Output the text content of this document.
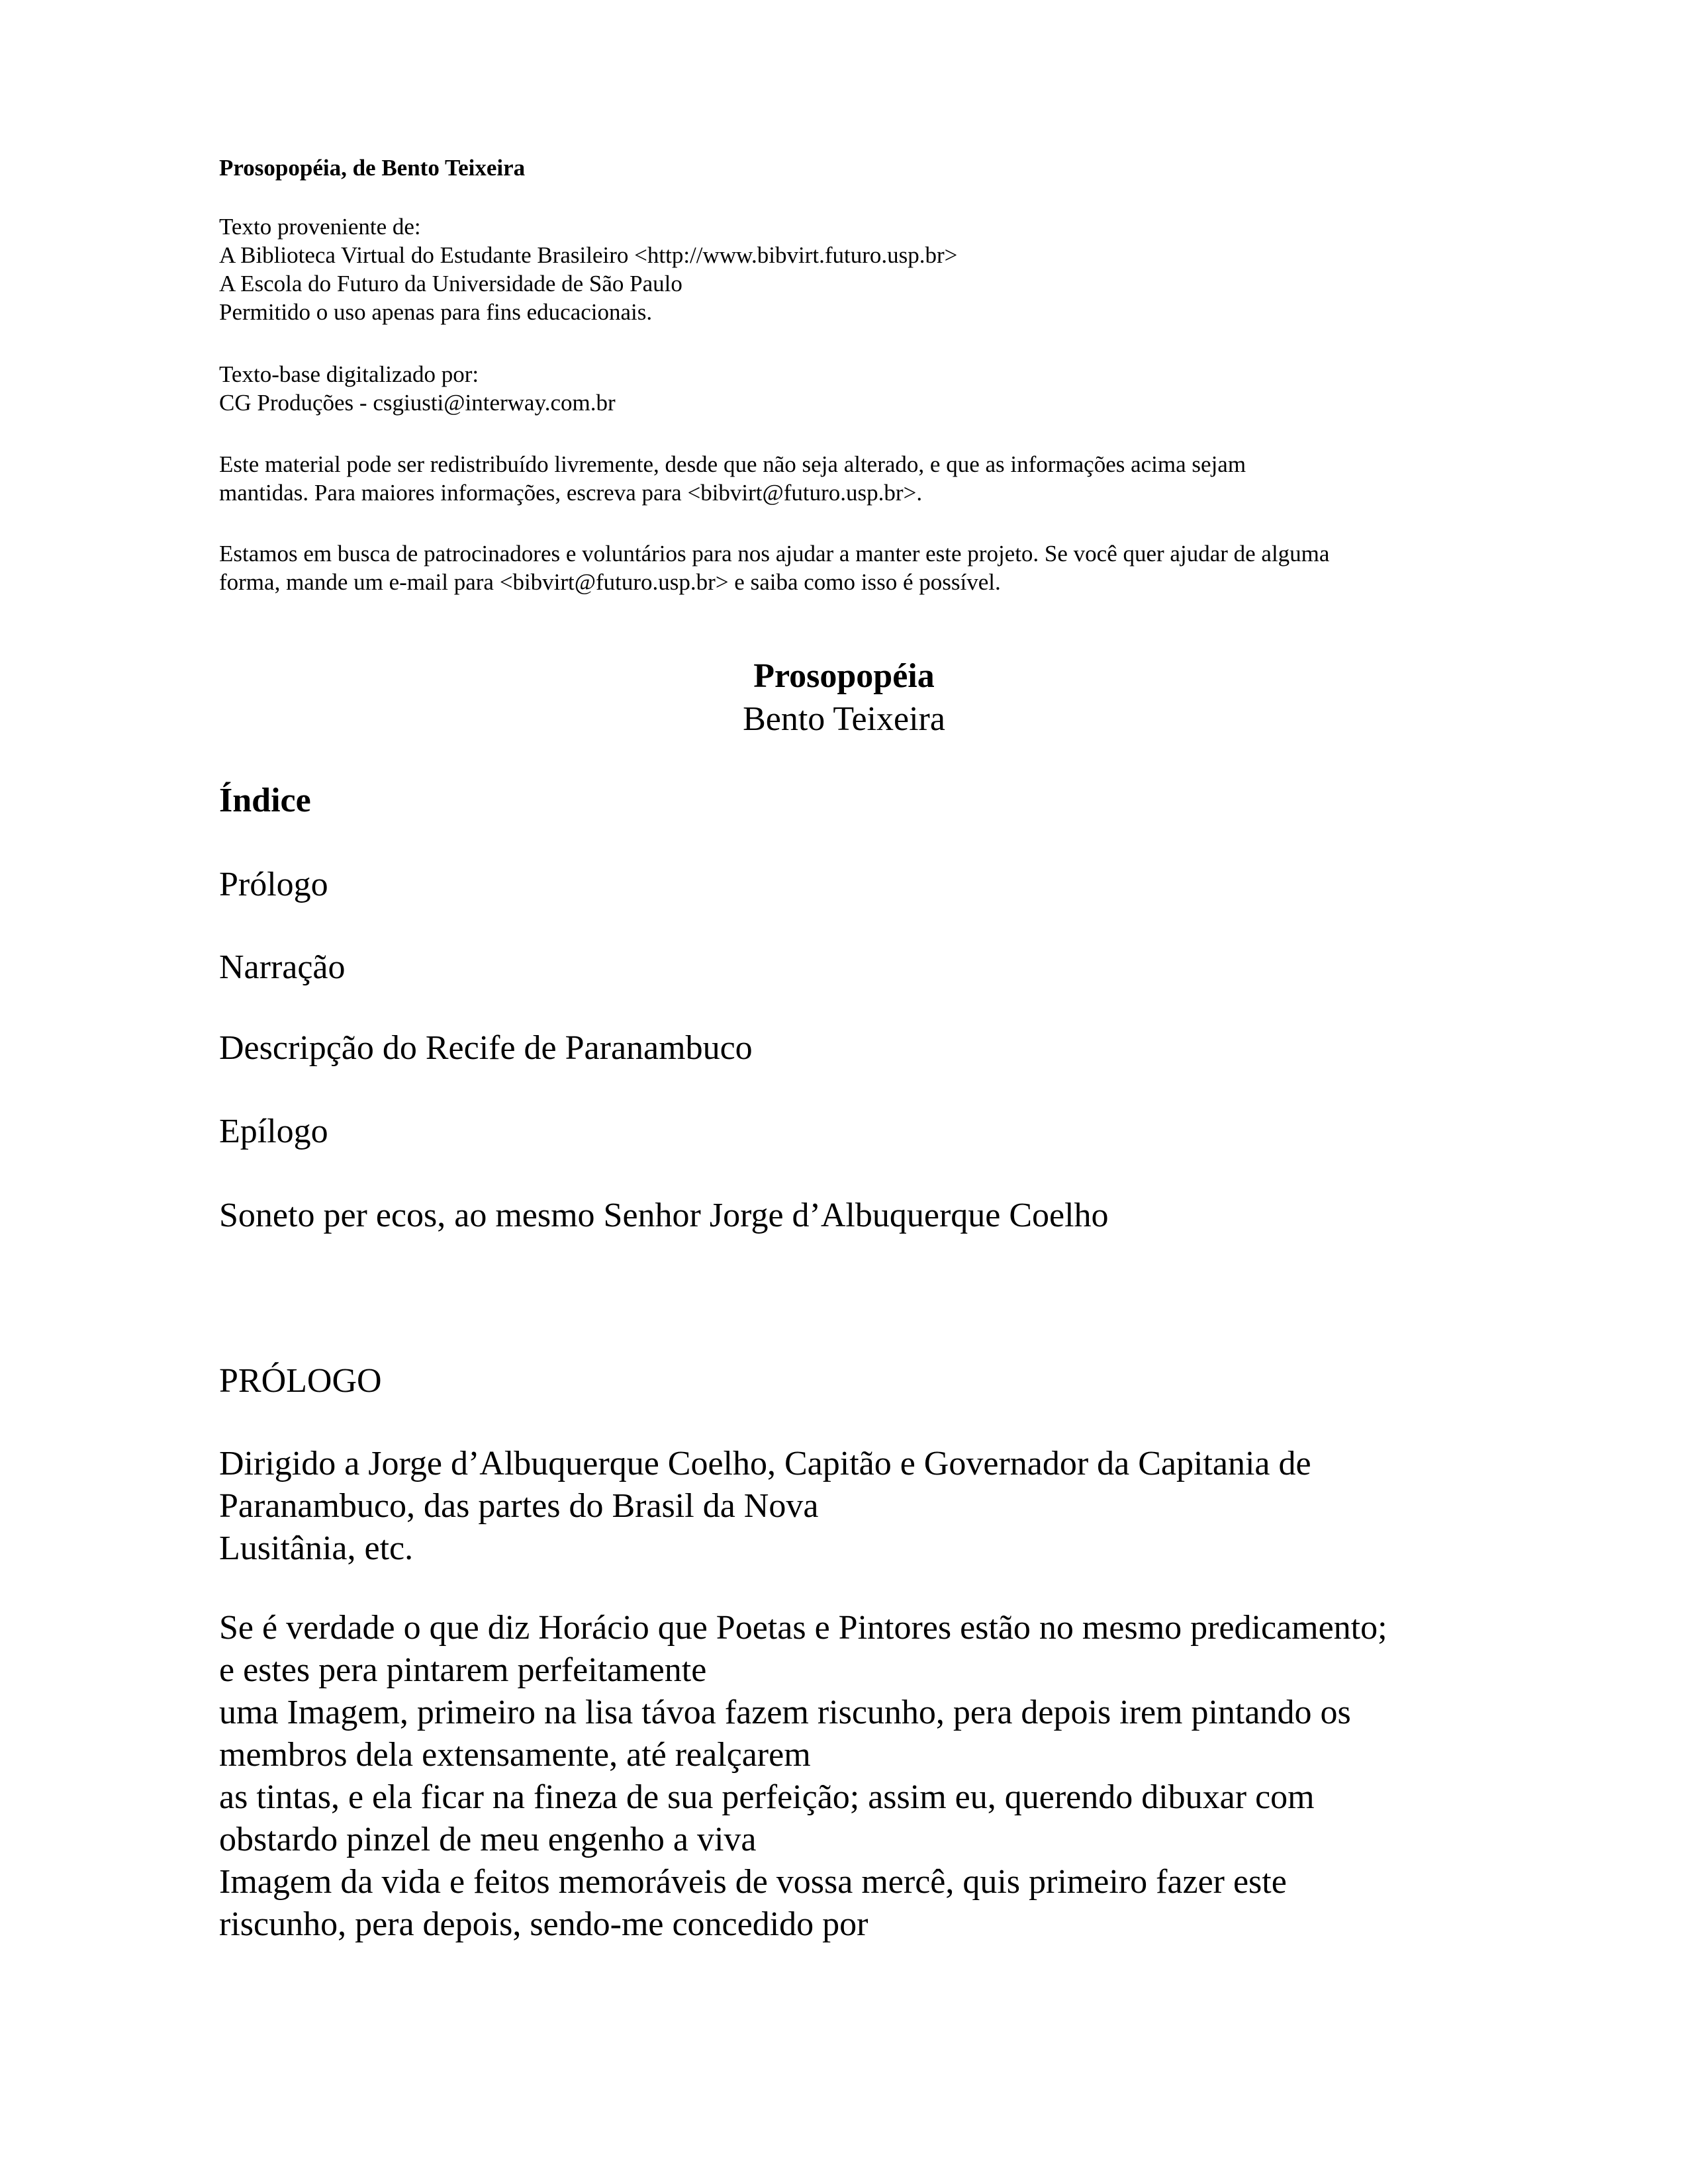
Prosopopéia, de Bento Teixeira

Texto proveniente de:
A Biblioteca Virtual do Estudante Brasileiro <http://www.bibvirt.futuro.usp.br>
A Escola do Futuro da Universidade de São Paulo
Permitido o uso apenas para fins educacionais.
Texto-base digitalizado por:
CG Produções - csgiusti@interway.com.br
Este material pode ser redistribuído livremente, desde que não seja alterado, e que as informações acima sejam
mantidas. Para maiores informações, escreva para <bibvirt@futuro.usp.br>.
Estamos em busca de patrocinadores e voluntários para nos ajudar a manter este projeto. Se você quer ajudar de alguma
forma, mande um e-mail para <bibvirt@futuro.usp.br> e saiba como isso é possível.

Prosopopéia

Bento Teixeira

Índice

Prólogo

Narração

Descripção do Recife de Paranambuco

Epílogo

Soneto per ecos, ao mesmo Senhor Jorge d’Albuquerque Coelho

PRÓLOGO

Dirigido a Jorge d’Albuquerque Coelho, Capitão e Governador da Capitania de
Paranambuco, das partes do Brasil da Nova
Lusitânia, etc.
Se é verdade o que diz Horácio que Poetas e Pintores estão no mesmo predicamento;
e estes pera pintarem perfeitamente
uma Imagem, primeiro na lisa távoa fazem riscunho, pera depois irem pintando os
membros dela extensamente, até realçarem
as tintas, e ela ficar na fineza de sua perfeição; assim eu, querendo dibuxar com
obstardo pinzel de meu engenho a viva
Imagem da vida e feitos memoráveis de vossa mercê, quis primeiro fazer este
riscunho, pera depois, sendo-me concedido por
